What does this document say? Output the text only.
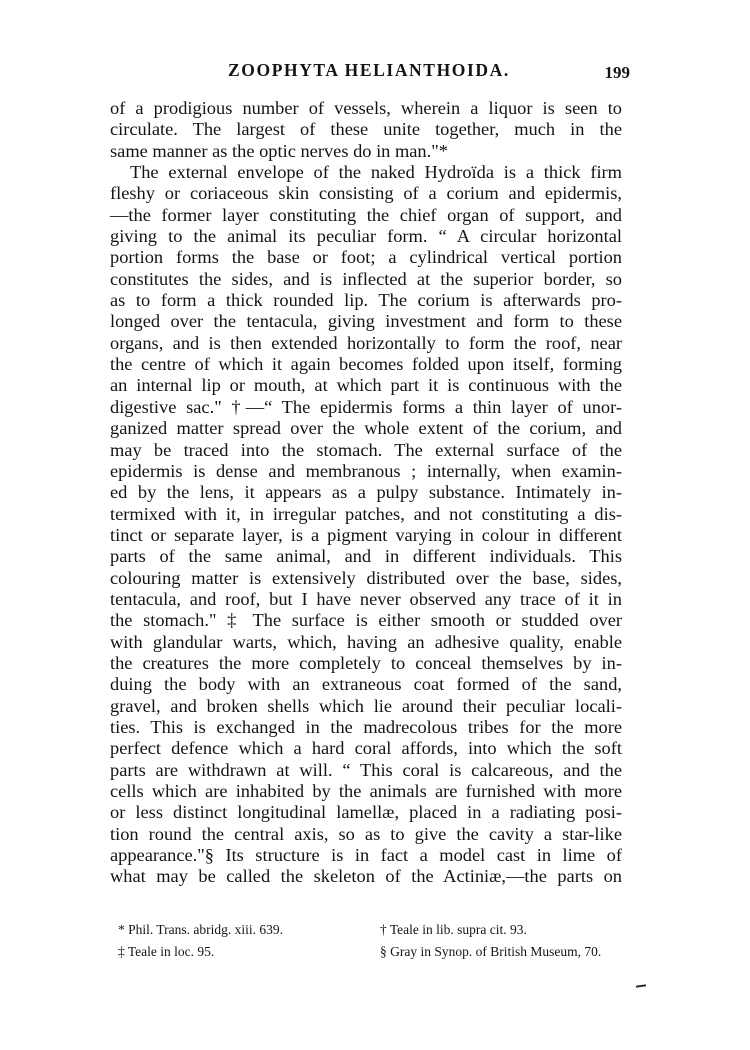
ZOOPHYTA HELIANTHOIDA.	199
of a prodigious number of vessels, wherein a liquor is seen to
circulate. The largest of these unite together, much in the
same manner as the optic nerves do in man."*
The external envelope of the naked Hydroïda is a thick firm
fleshy or coriaceous skin consisting of a corium and epidermis,
—the former layer constituting the chief organ of support, and
giving to the animal its peculiar form. “ A circular horizontal
portion forms the base or foot; a cylindrical vertical portion
constitutes the sides, and is inflected at the superior border, so
as to form a thick rounded lip. The corium is afterwards pro-
longed over the tentacula, giving investment and form to these
organs, and is then extended horizontally to form the roof, near
the centre of which it again becomes folded upon itself, forming
an internal lip or mouth, at which part it is continuous with the
digestive sac." †—“ The epidermis forms a thin layer of unor-
ganized matter spread over the whole extent of the corium, and
may be traced into the stomach. The external surface of the
epidermis is dense and membranous ; internally, when examin-
ed by the lens, it appears as a pulpy substance. Intimately in-
termixed with it, in irregular patches, and not constituting a dis-
tinct or separate layer, is a pigment varying in colour in different
parts of the same animal, and in different individuals. This
colouring matter is extensively distributed over the base, sides,
tentacula, and roof, but I have never observed any trace of it in
the stomach." ‡ The surface is either smooth or studded over
with glandular warts, which, having an adhesive quality, enable
the creatures the more completely to conceal themselves by in-
duing the body with an extraneous coat formed of the sand,
gravel, and broken shells which lie around their peculiar locali-
ties. This is exchanged in the madrecolous tribes for the more
perfect defence which a hard coral affords, into which the soft
parts are withdrawn at will. “ This coral is calcareous, and the
cells which are inhabited by the animals are furnished with more
or less distinct longitudinal lamellæ, placed in a radiating posi-
tion round the central axis, so as to give the cavity a star-like
appearance."§ Its structure is in fact a model cast in lime of
what may be called the skeleton of the Actiniæ,—the parts on
* Phil. Trans. abridg. xiii. 639.	† Teale in lib. supra cit. 93.
‡ Teale in loc. 95.	§ Gray in Synop. of British Museum, 70.
